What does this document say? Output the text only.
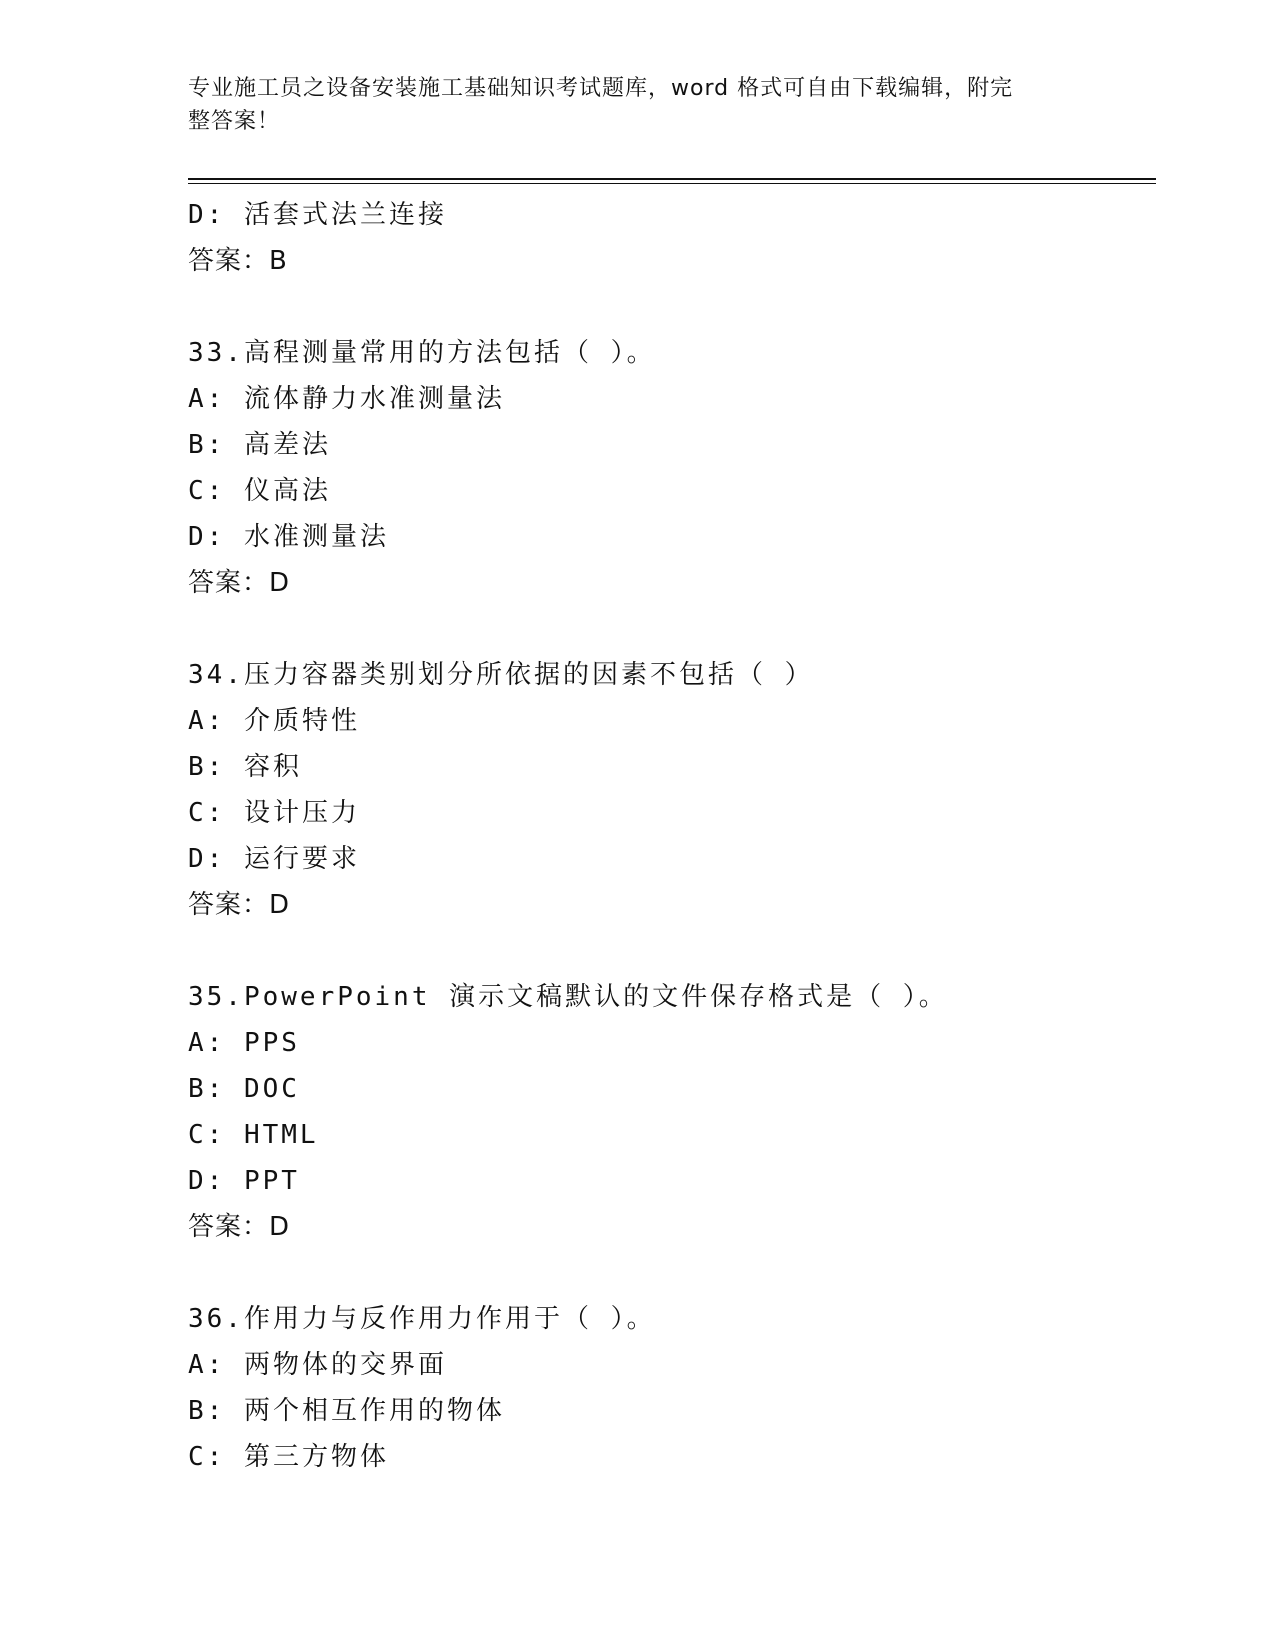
专业施工员之设备安装施工基础知识考试题库，word 格式可自由下载编辑，附完
整答案！
D: 活套式法兰连接
答案：B
33.高程测量常用的方法包括（ ）。
A: 流体静力水准测量法
B: 高差法
C: 仪高法
D: 水准测量法
答案：D
34.压力容器类别划分所依据的因素不包括（ ）
A: 介质特性
B: 容积
C: 设计压力
D: 运行要求
答案：D
35.PowerPoint 演示文稿默认的文件保存格式是（ ）。
A: PPS
B: DOC
C: HTML
D: PPT
答案：D
36.作用力与反作用力作用于（ ）。
A: 两物体的交界面
B: 两个相互作用的物体
C: 第三方物体
